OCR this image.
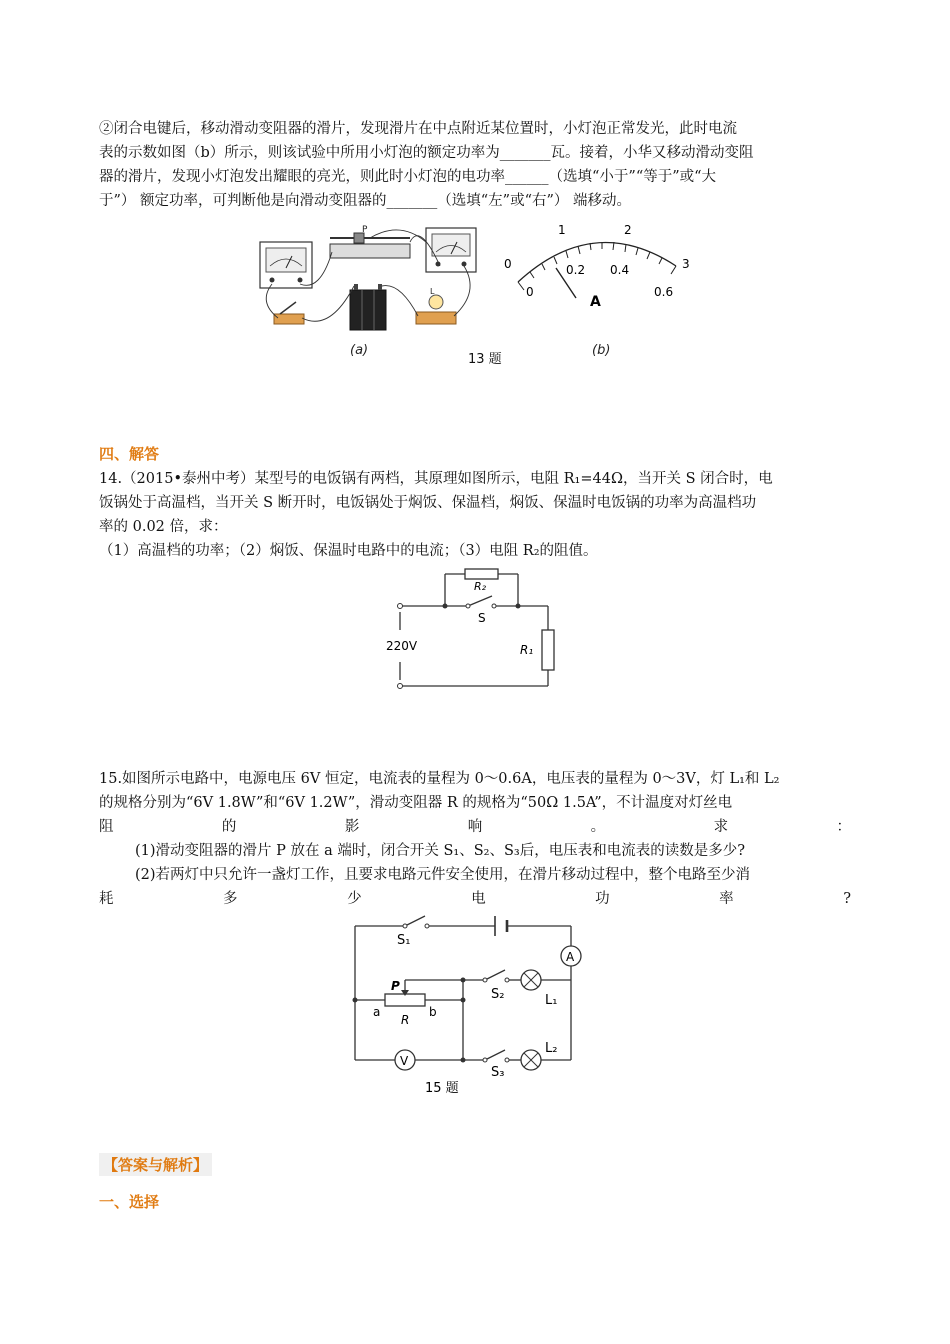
②闭合电键后，移动滑动变阻器的滑片，发现滑片在中点附近某位置时，小灯泡正常发光，此时电流
表的示数如图（b）所示，则该试验中所用小灯泡的额定功率为_______瓦。接着，小华又移动滑动变阻
器的滑片，发现小灯泡发出耀眼的亮光，则此时小灯泡的电功率______（选填“小于”“等于”或“大
于”） 额定功率，可判断他是向滑动变阻器的_______（选填“左”或“右”） 端移动。
P
L
(a)
0
1	2
3
0
0.2 0.4
0.6
A
(b)
13 题
四、解答
14.（2015•泰州中考）某型号的电饭锅有两档，其原理如图所示，电阻 R₁=44Ω，当开关 S 闭合时，电
饭锅处于高温档，当开关 S 断开时，电饭锅处于焖饭、保温档，焖饭、保温时电饭锅的功率为高温档功
率的 0.02 倍，求：
（1）高温档的功率；（2）焖饭、保温时电路中的电流；（3）电阻 R₂的阻值。
220V
R₂
S
R₁
15.如图所示电路中，电源电压 6V 恒定，电流表的量程为 0～0.6A，电压表的量程为 0～3V，灯 L₁和 L₂
的规格分别为“6V 1.8W”和“6V 1.2W”，滑动变阻器 R 的规格为“50Ω 1.5A”，不计温度对灯丝电
阻 的 影 响 。 求 ：
(1)滑动变阻器的滑片 P 放在 a 端时，闭合开关 S₁、S₂、S₃后，电压表和电流表的读数是多少?
(2)若两灯中只允许一盏灯工作，且要求电路元件安全使用，在滑片移动过程中，整个电路至少消
耗 多 少 电 功 率 ?
A
V
S₁
S₂
S₃
L₁
L₂
P
a	b
R
15 题
【答案与解析】
一、选择
